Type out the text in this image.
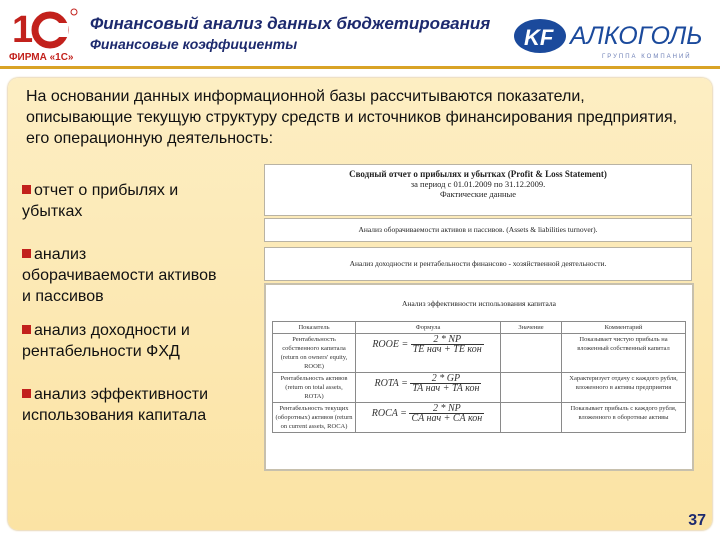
1
ФИРМА «1С»
Финансовый анализ данных бюджетирования
Финансовые коэффициенты	KF АЛКОГОЛЬ
ГРУППА КОМПАНИЙ
На основании данных информационной базы рассчитываются показатели, описывающие текущую структуру средств и источников финансирования предприятия, его операционную деятельность:
отчет о прибылях и убытках
анализ оборачиваемости активов и пассивов
анализ доходности и рентабельности ФХД
анализ эффективности использования капитала
Сводный отчет о прибылях и убытках (Profit & Loss Statement)
за период с 01.01.2009 по 31.12.2009.
Фактические данные
Анализ оборачиваемости активов и пассивов. (Assets & liabilities turnover).
Анализ доходности и рентабельности финансово - хозяйственной деятельности.
Анализ эффективности использования капитала
Показатель	Формула	Значение	Комментарий
Рентабельность собственного капитала (return on owners' equity, ROOE)	ROOE = $\frac{2 * NP}{\text{TE нач + TE кон}}$		Показывает чистую прибыль на вложенный собственный капитал
Рентабельность активов (return on total assets, ROTA)	ROTA = $\frac{2 * GP}{\text{TA нач + TA кон}}$		Характеризует отдачу с каждого рубля, вложенного в активы предприятия
Рентабельность текущих (оборотных) активов (return on current assets, ROCA)	ROCA = $\frac{2 * NP}{\text{CA нач + CA кон}}$		Показывает прибыль с каждого рубля, вложенного в оборотные активы
37
